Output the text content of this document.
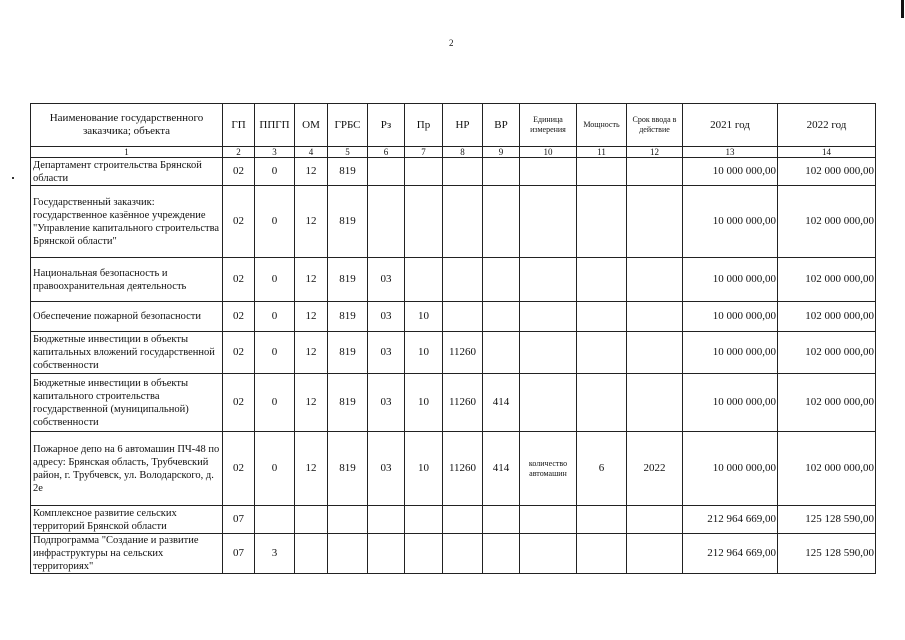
2
Наименование государственного заказчика; объекта	ГП	ППГП	ОМ	ГРБС	Рз	Пр	НР	ВР	Единица измерения	Мощность	Срок ввода в действие	2021 год	2022 год
1	2	3	4	5	6	7	8	9	10	11	12	13	14
Департамент строительства Брянской области	02	0	12	819								10 000 000,00	102 000 000,00
Государственный заказчик: государственное казённое учреждение "Управление капитального строительства Брянской области"	02	0	12	819								10 000 000,00	102 000 000,00
Национальная безопасность и правоохранительная деятельность	02	0	12	819	03							10 000 000,00	102 000 000,00
Обеспечение пожарной безопасности	02	0	12	819	03	10						10 000 000,00	102 000 000,00
Бюджетные инвестиции в объекты капитальных вложений государственной собственности	02	0	12	819	03	10	11260					10 000 000,00	102 000 000,00
Бюджетные инвестиции в объекты капитального строительства государственной (муниципальной) собственности	02	0	12	819	03	10	11260	414				10 000 000,00	102 000 000,00
Пожарное депо на 6 автомашин ПЧ-48 по адресу: Брянская область, Трубчевский район, г. Трубчевск, ул. Володарского, д. 2е	02	0	12	819	03	10	11260	414	количество автомашин	6	2022	10 000 000,00	102 000 000,00
Комплексное развитие сельских территорий Брянской области	07											212 964 669,00	125 128 590,00
Подпрограмма "Создание и развитие инфраструктуры на сельских территориях"	07	3										212 964 669,00	125 128 590,00
